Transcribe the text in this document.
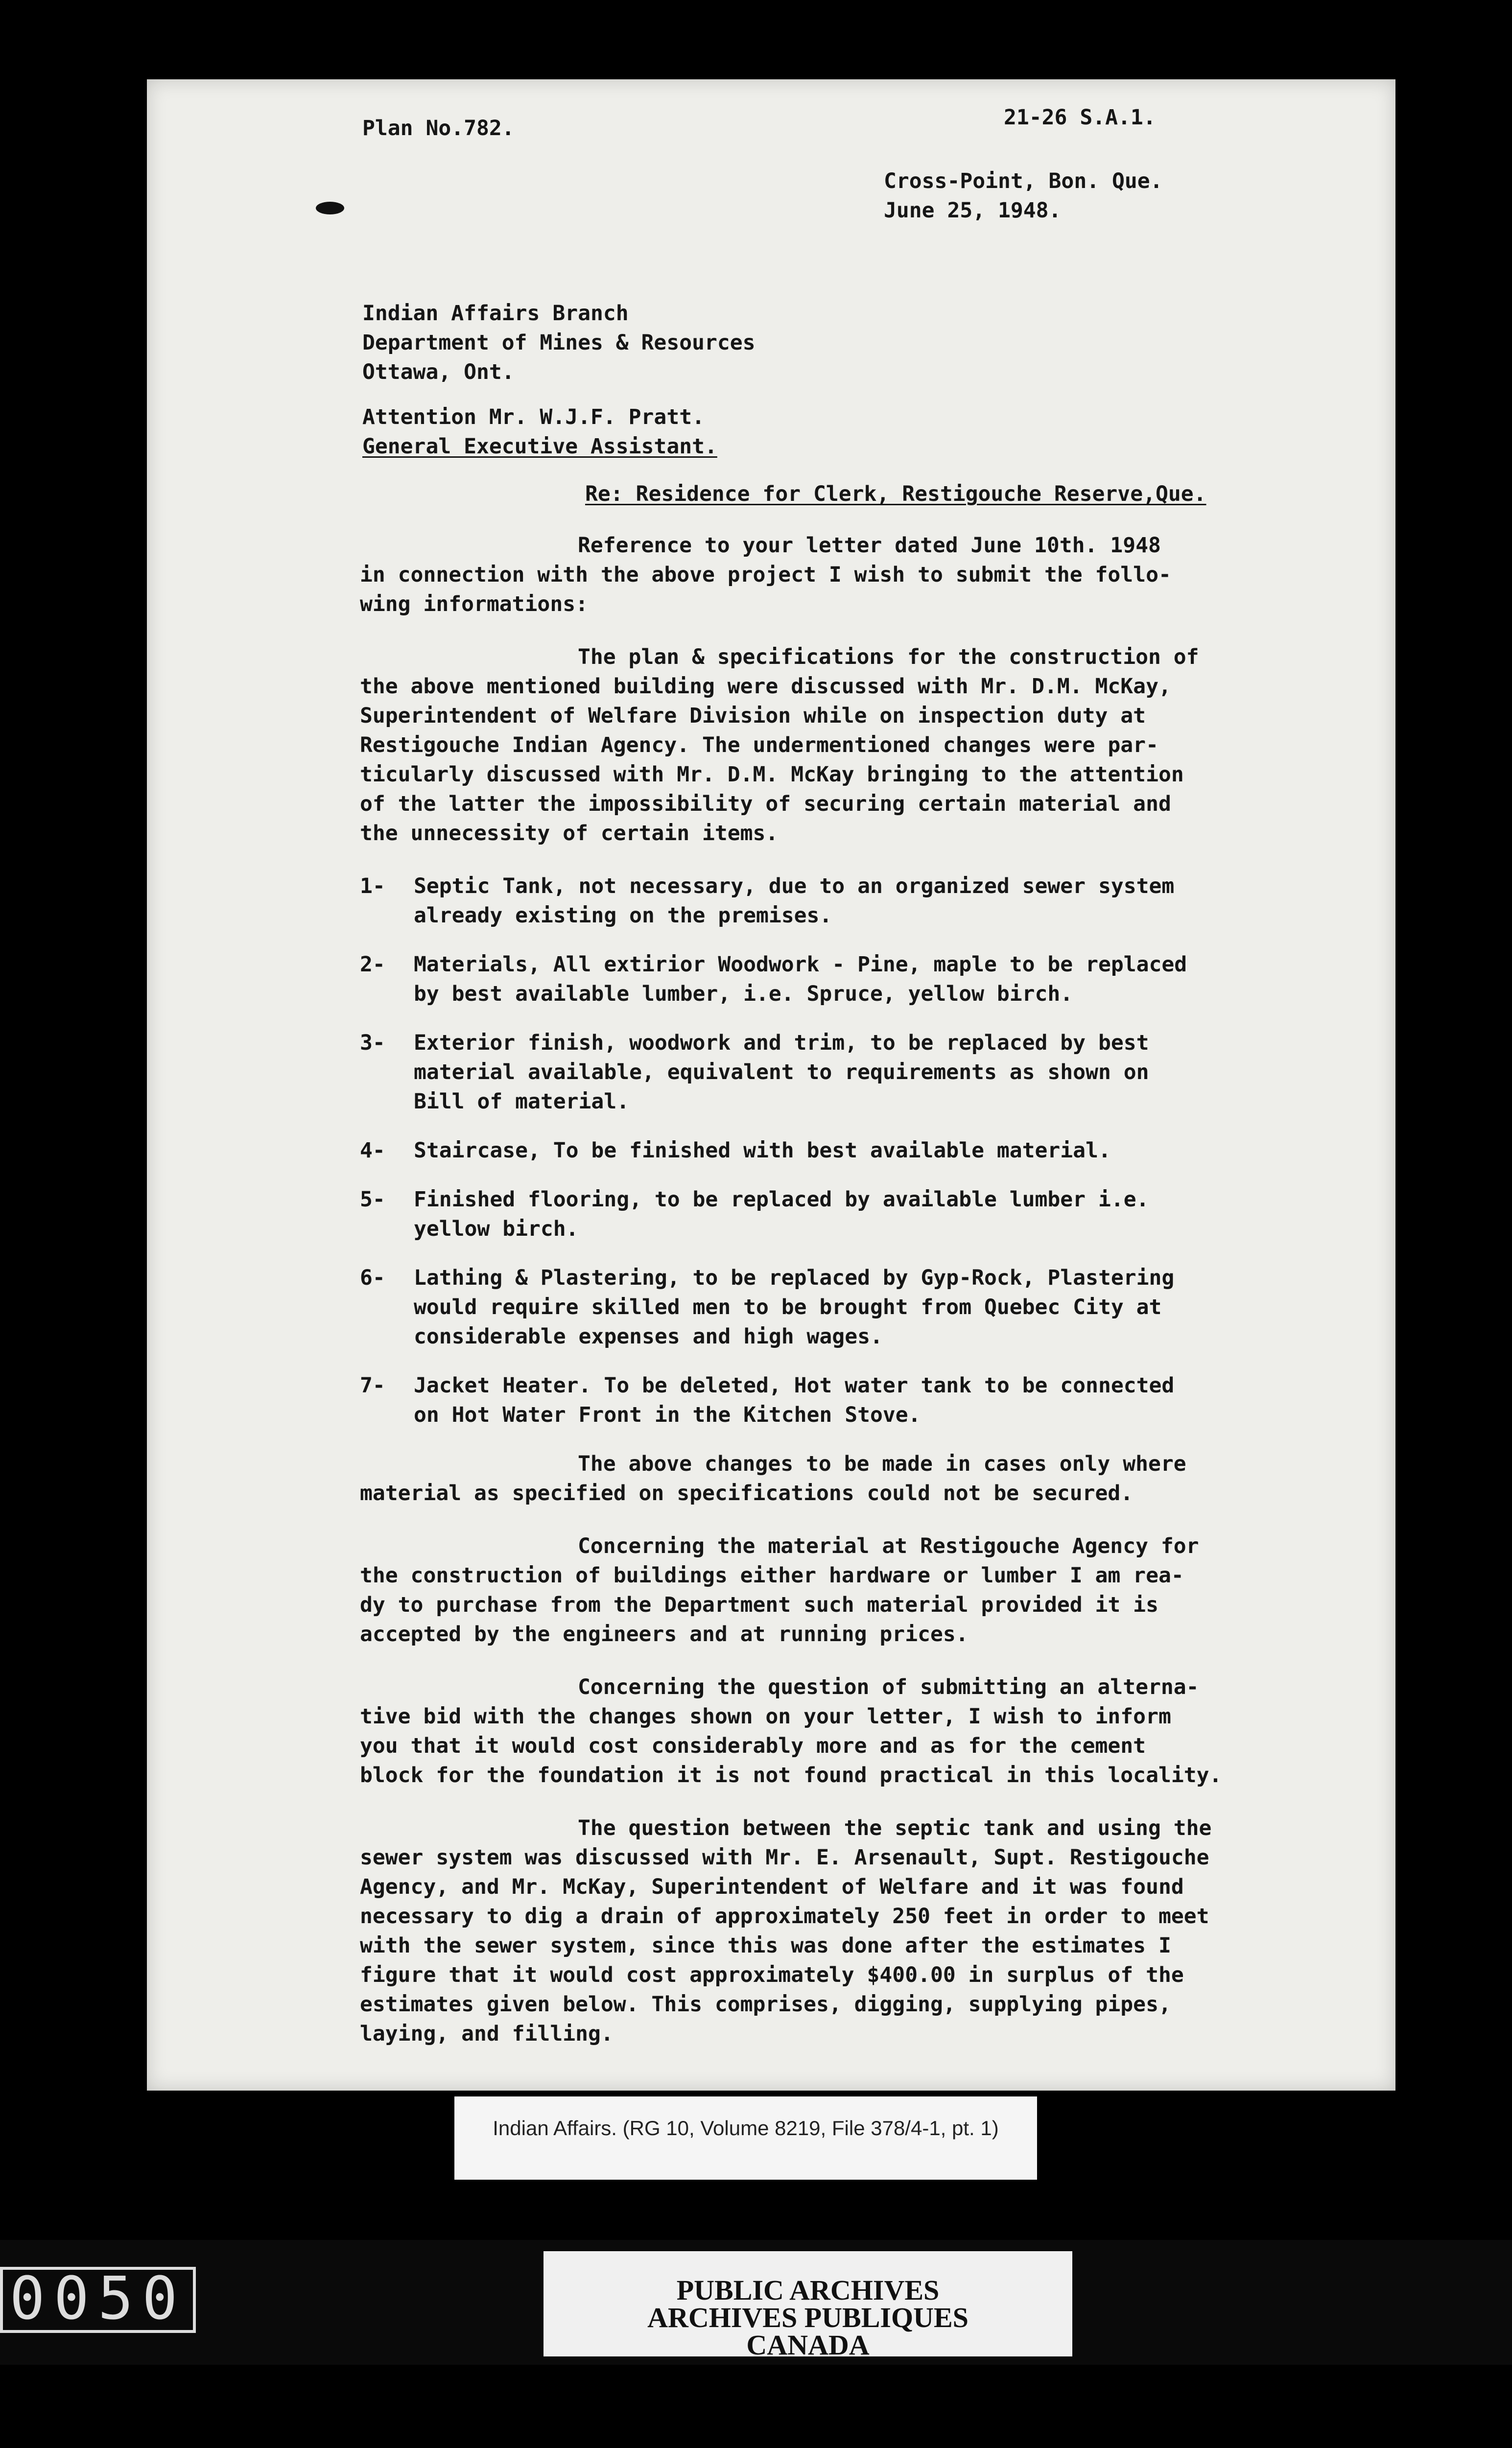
Plan No.782.	21-26 S.A.1.
Cross-Point, Bon. Que.
June 25, 1948.
Indian Affairs Branch
Department of Mines & Resources
Ottawa, Ont.
Attention Mr. W.J.F. Pratt.
General Executive Assistant.
Re: Residence for Clerk, Restigouche Reserve,Que.
Reference to your letter dated June 10th. 1948
in connection with the above project I wish to submit the follo-
wing informations:
The plan & specifications for the construction of
the above mentioned building were discussed with Mr. D.M. McKay,
Superintendent of Welfare Division while on inspection duty at
Restigouche Indian Agency. The undermentioned changes were par-
ticularly discussed with Mr. D.M. McKay bringing to the attention
of the latter the impossibility of securing certain material and
the unnecessity of certain items.
1-	Septic Tank, not necessary, due to an organized sewer system
already existing on the premises.
2-	Materials, All extirior Woodwork - Pine, maple to be replaced
by best available lumber, i.e. Spruce, yellow birch.
3-	Exterior finish, woodwork and trim, to be replaced by best
material available, equivalent to requirements as shown on
Bill of material.
4-	Staircase, To be finished with best available material.
5-	Finished flooring, to be replaced by available lumber i.e.
yellow birch.
6-	Lathing & Plastering, to be replaced by Gyp-Rock, Plastering
would require skilled men to be brought from Quebec City at
considerable expenses and high wages.
7-	Jacket Heater. To be deleted, Hot water tank to be connected
on Hot Water Front in the Kitchen Stove.
The above changes to be made in cases only where
material as specified on specifications could not be secured.
Concerning the material at Restigouche Agency for
the construction of buildings either hardware or lumber I am rea-
dy to purchase from the Department such material provided it is
accepted by the engineers and at running prices.
Concerning the question of submitting an alterna-
tive bid with the changes shown on your letter, I wish to inform
you that it would cost considerably more and as for the cement
block for the foundation it is not found practical in this locality.
The question between the septic tank and using the
sewer system was discussed with Mr. E. Arsenault, Supt. Restigouche
Agency, and Mr. McKay, Superintendent of Welfare and it was found
necessary to dig a drain of approximately 250 feet in order to meet
with the sewer system, since this was done after the estimates I
figure that it would cost approximately $400.00 in surplus of the
estimates given below. This comprises, digging, supplying pipes,
laying, and filling.
Indian Affairs. (RG 10, Volume 8219, File 378/4-1, pt. 1)
0050	PUBLIC ARCHIVES
ARCHIVES PUBLIQUES
CANADA
